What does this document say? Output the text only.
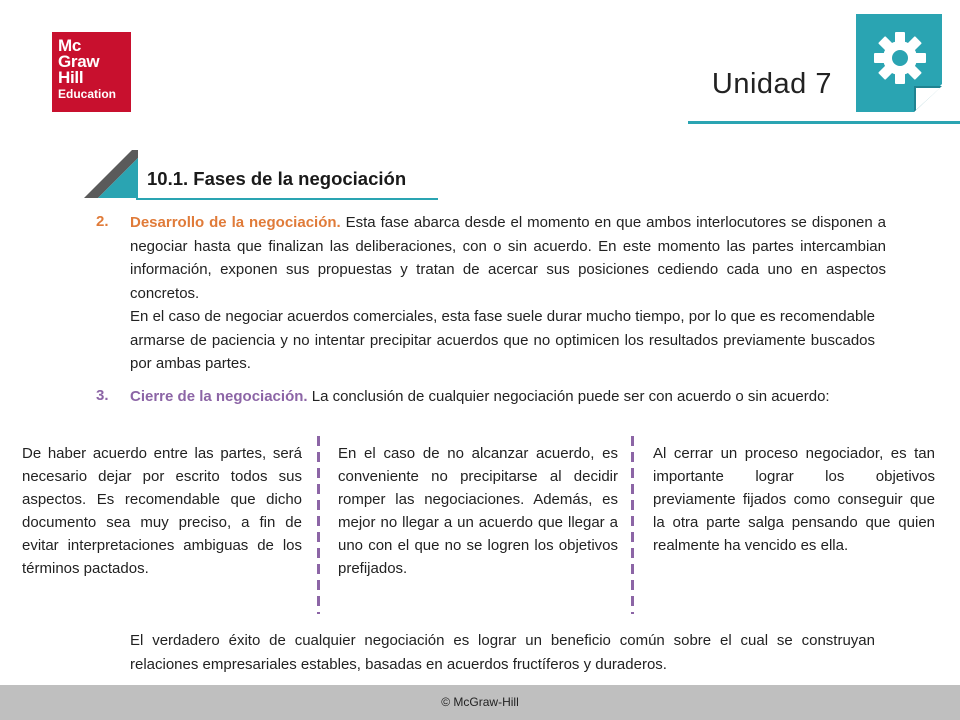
Mc
Graw
Hill
Education	Unidad 7
10.1. Fases de la negociación
2. Desarrollo de la negociación. Esta fase abarca desde el momento en que ambos interlocutores se disponen a negociar hasta que finalizan las deliberaciones, con o sin acuerdo. En este momento las partes intercambian información, exponen sus propuestas y tratan de acercar sus posiciones cediendo cada uno en aspectos concretos.
En el caso de negociar acuerdos comerciales, esta fase suele durar mucho tiempo, por lo que es recomendable armarse de paciencia y no intentar precipitar acuerdos que no optimicen los resultados previamente buscados por ambas partes.
3. Cierre de la negociación. La conclusión de cualquier negociación puede ser con acuerdo o sin acuerdo:
De haber acuerdo entre las partes, será necesario dejar por escrito todos sus aspectos. Es recomendable que dicho documento sea muy preciso, a fin de evitar interpretaciones ambiguas de los términos pactados.
En el caso de no alcanzar acuerdo, es conveniente no precipitarse al decidir romper las negociaciones. Además, es mejor no llegar a un acuerdo que llegar a uno con el que no se logren los objetivos prefijados.
Al cerrar un proceso negociador, es tan importante lograr los objetivos previamente fijados como conseguir que la otra parte salga pensando que quien realmente ha vencido es ella.
El verdadero éxito de cualquier negociación es lograr un beneficio común sobre el cual se construyan relaciones empresariales estables, basadas en acuerdos fructíferos y duraderos.
© McGraw-Hill
